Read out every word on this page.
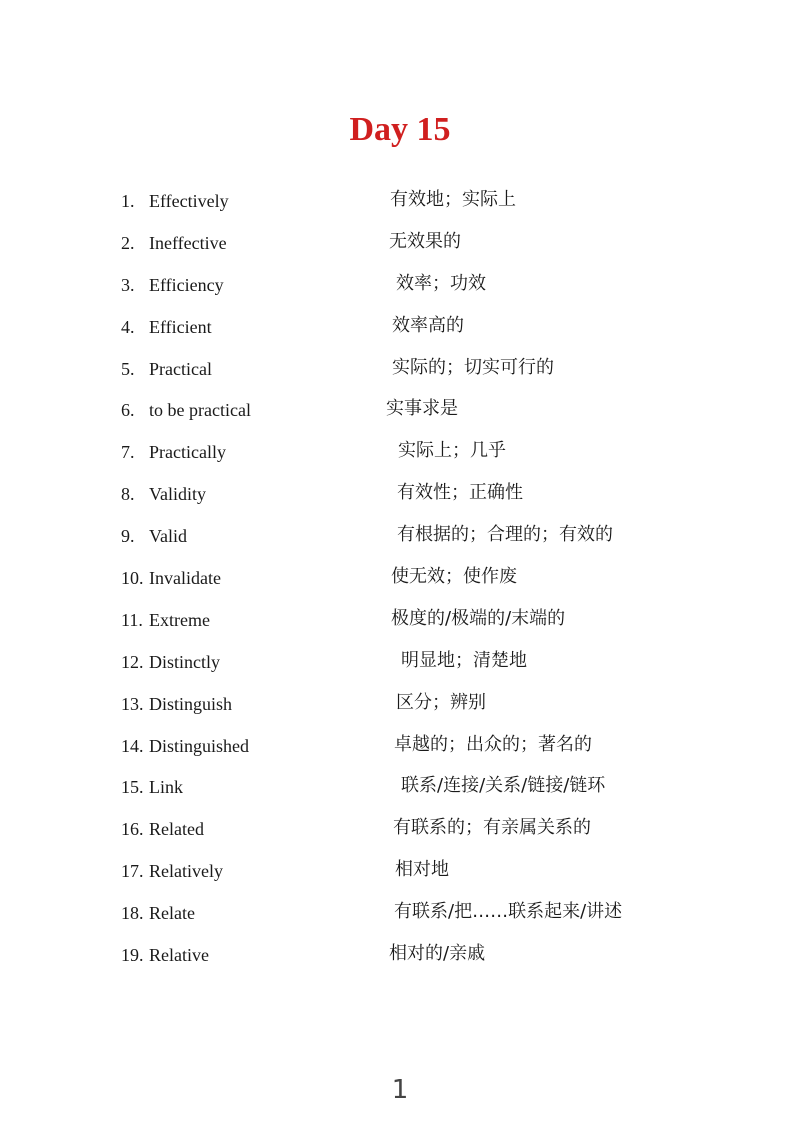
Day 15
1. Effectively	有效地；实际上
2. Ineffective	无效果的
3. Efficiency	效率；功效
4. Efficient	效率高的
5. Practical	实际的；切实可行的
6. to be practical	实事求是
7. Practically	实际上；几乎
8. Validity	有效性；正确性
9. Valid	有根据的；合理的；有效的
10. Invalidate	使无效；使作废
11. Extreme	极度的/极端的/末端的
12. Distinctly	明显地；清楚地
13. Distinguish	区分；辨别
14. Distinguished	卓越的；出众的；著名的
15. Link	联系/连接/关系/链接/链环
16. Related	有联系的；有亲属关系的
17. Relatively	相对地
18. Relate	有联系/把……联系起来/讲述
19. Relative	相对的/亲戚
1
